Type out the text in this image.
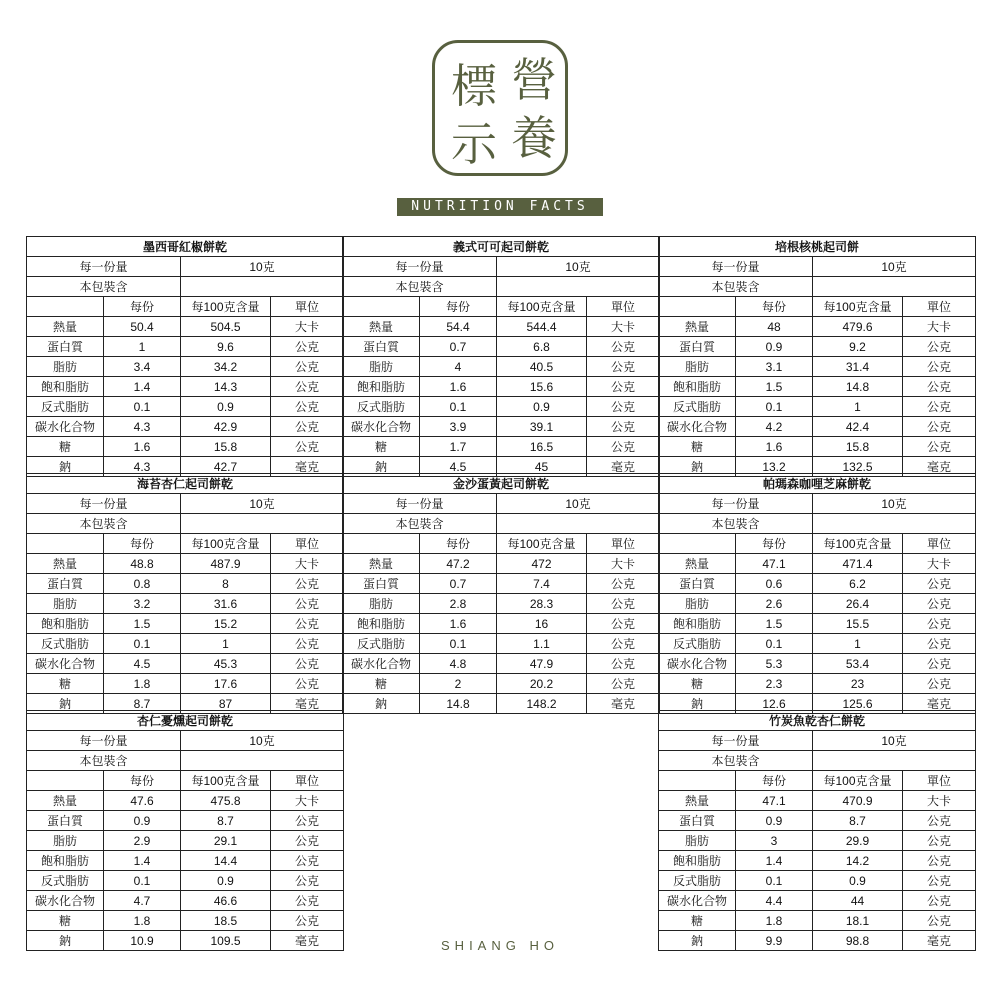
營
標
養
示
NUTRITION FACTS
墨西哥紅椒餅乾			
每一份量		10克	
本包裝含			
	每份	每100克含量	單位
熱量	50.4	504.5	大卡
蛋白質	1	9.6	公克
脂肪	3.4	34.2	公克
飽和脂肪	1.4	14.3	公克
反式脂肪	0.1	0.9	公克
碳水化合物	4.3	42.9	公克
糖	1.6	15.8	公克
鈉	4.3	42.7	毫克
義式可可起司餅乾			
每一份量		10克	
本包裝含			
	每份	每100克含量	單位
熱量	54.4	544.4	大卡
蛋白質	0.7	6.8	公克
脂肪	4	40.5	公克
飽和脂肪	1.6	15.6	公克
反式脂肪	0.1	0.9	公克
碳水化合物	3.9	39.1	公克
糖	1.7	16.5	公克
鈉	4.5	45	毫克
培根核桃起司餅			
每一份量		10克	
本包裝含			
	每份	每100克含量	單位
熱量	48	479.6	大卡
蛋白質	0.9	9.2	公克
脂肪	3.1	31.4	公克
飽和脂肪	1.5	14.8	公克
反式脂肪	0.1	1	公克
碳水化合物	4.2	42.4	公克
糖	1.6	15.8	公克
鈉	13.2	132.5	毫克
海苔杏仁起司餅乾			
每一份量		10克	
本包裝含			
	每份	每100克含量	單位
熱量	48.8	487.9	大卡
蛋白質	0.8	8	公克
脂肪	3.2	31.6	公克
飽和脂肪	1.5	15.2	公克
反式脂肪	0.1	1	公克
碳水化合物	4.5	45.3	公克
糖	1.8	17.6	公克
鈉	8.7	87	毫克
金沙蛋黃起司餅乾			
每一份量		10克	
本包裝含			
	每份	每100克含量	單位
熱量	47.2	472	大卡
蛋白質	0.7	7.4	公克
脂肪	2.8	28.3	公克
飽和脂肪	1.6	16	公克
反式脂肪	0.1	1.1	公克
碳水化合物	4.8	47.9	公克
糖	2	20.2	公克
鈉	14.8	148.2	毫克
帕瑪森咖哩芝麻餅乾			
每一份量		10克	
本包裝含			
	每份	每100克含量	單位
熱量	47.1	471.4	大卡
蛋白質	0.6	6.2	公克
脂肪	2.6	26.4	公克
飽和脂肪	1.5	15.5	公克
反式脂肪	0.1	1	公克
碳水化合物	5.3	53.4	公克
糖	2.3	23	公克
鈉	12.6	125.6	毫克
杏仁憂燻起司餅乾			
每一份量		10克	
本包裝含			
	每份	每100克含量	單位
熱量	47.6	475.8	大卡
蛋白質	0.9	8.7	公克
脂肪	2.9	29.1	公克
飽和脂肪	1.4	14.4	公克
反式脂肪	0.1	0.9	公克
碳水化合物	4.7	46.6	公克
糖	1.8	18.5	公克
鈉	10.9	109.5	毫克
竹炭魚乾杏仁餅乾			
每一份量		10克	
本包裝含			
	每份	每100克含量	單位
熱量	47.1	470.9	大卡
蛋白質	0.9	8.7	公克
脂肪	3	29.9	公克
飽和脂肪	1.4	14.2	公克
反式脂肪	0.1	0.9	公克
碳水化合物	4.4	44	公克
糖	1.8	18.1	公克
鈉	9.9	98.8	毫克
SHIANG HO
